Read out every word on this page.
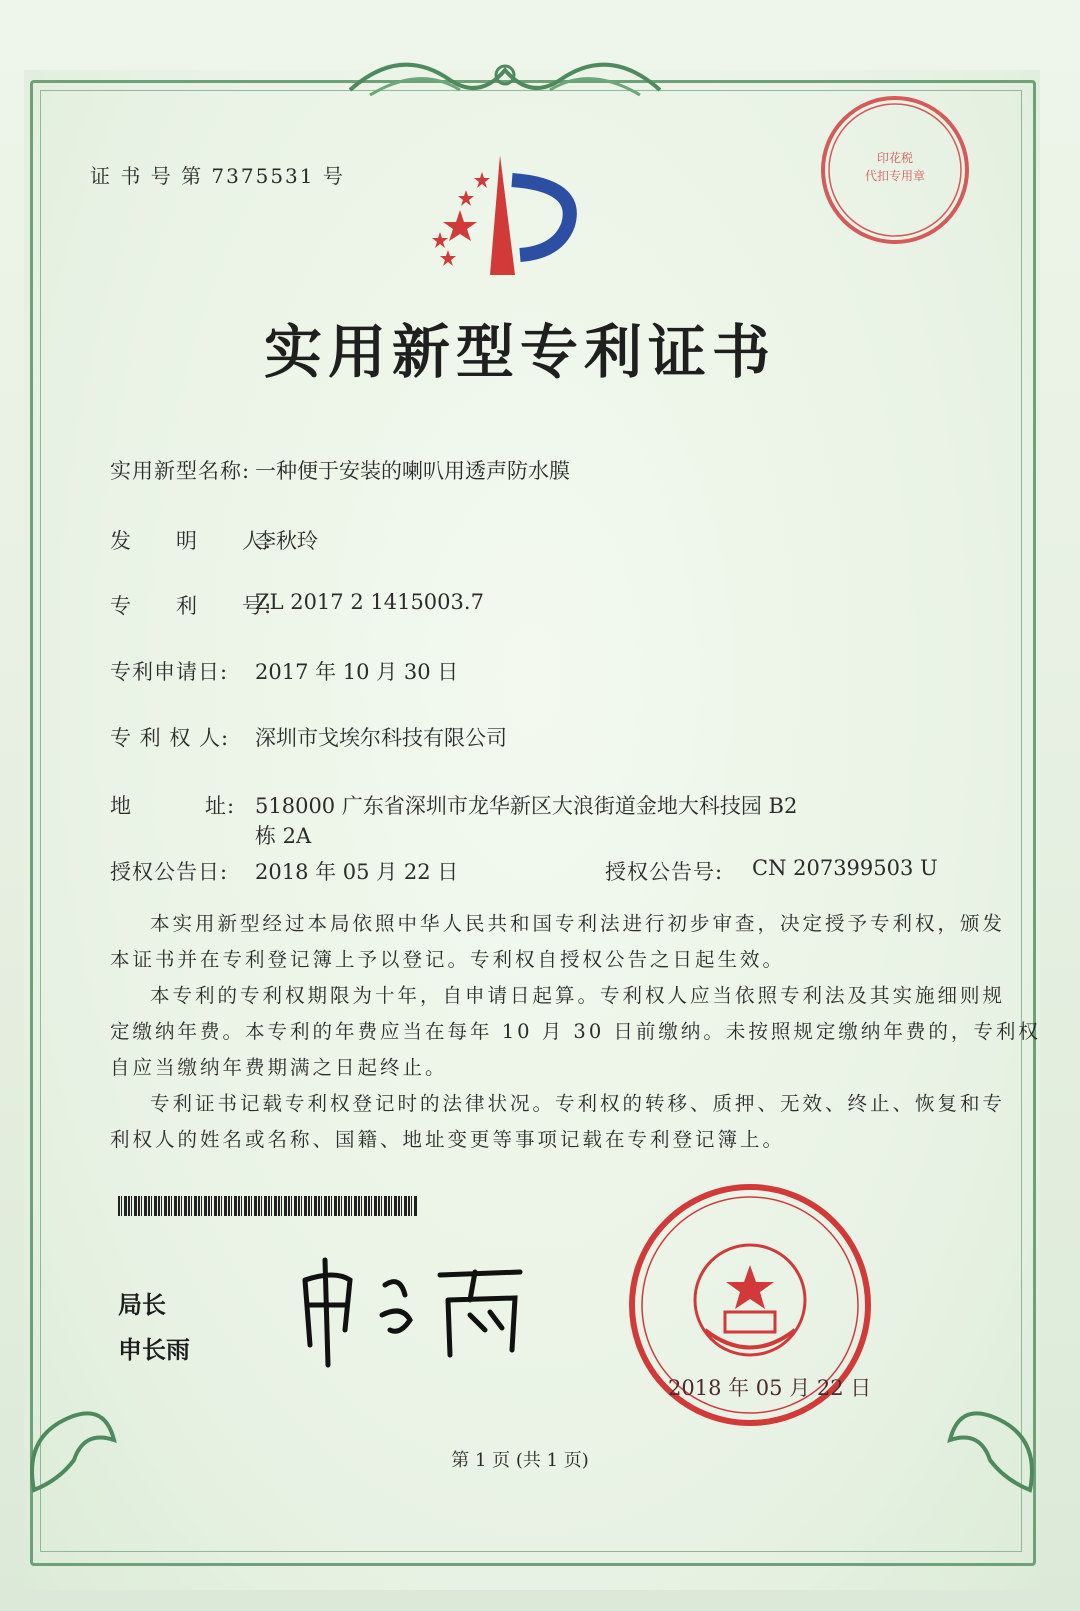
证 书 号 第 7375531 号
实用新型专利证书
实用新型名称: 一种便于安装的喇叭用透声防水膜
发　　明　　人:
李秋玲
专　　利　　号:
ZL 2017 2 1415003.7
专利申请日: 2017 年 10 月 30 日
专 利 权 人: 深圳市戈埃尔科技有限公司
地	址: 518000 广东省深圳市龙华新区大浪街道金地大科技园 B2
栋 2A
授权公告日: 2018 年 05 月 22 日	授权公告号: CN 207399503 U
本实用新型经过本局依照中华人民共和国专利法进行初步审查，决定授予专利权，颁发
本证书并在专利登记簿上予以登记。专利权自授权公告之日起生效。
本专利的专利权期限为十年，自申请日起算。专利权人应当依照专利法及其实施细则规
定缴纳年费。本专利的年费应当在每年 10 月 30 日前缴纳。未按照规定缴纳年费的，专利权
自应当缴纳年费期满之日起终止。
专利证书记载专利权登记时的法律状况。专利权的转移、质押、无效、终止、恢复和专
利权人的姓名或名称、国籍、地址变更等事项记载在专利登记簿上。
局长
申长雨
印花税
代扣专用章
2018 年 05 月 22 日
第 1 页 (共 1 页)
